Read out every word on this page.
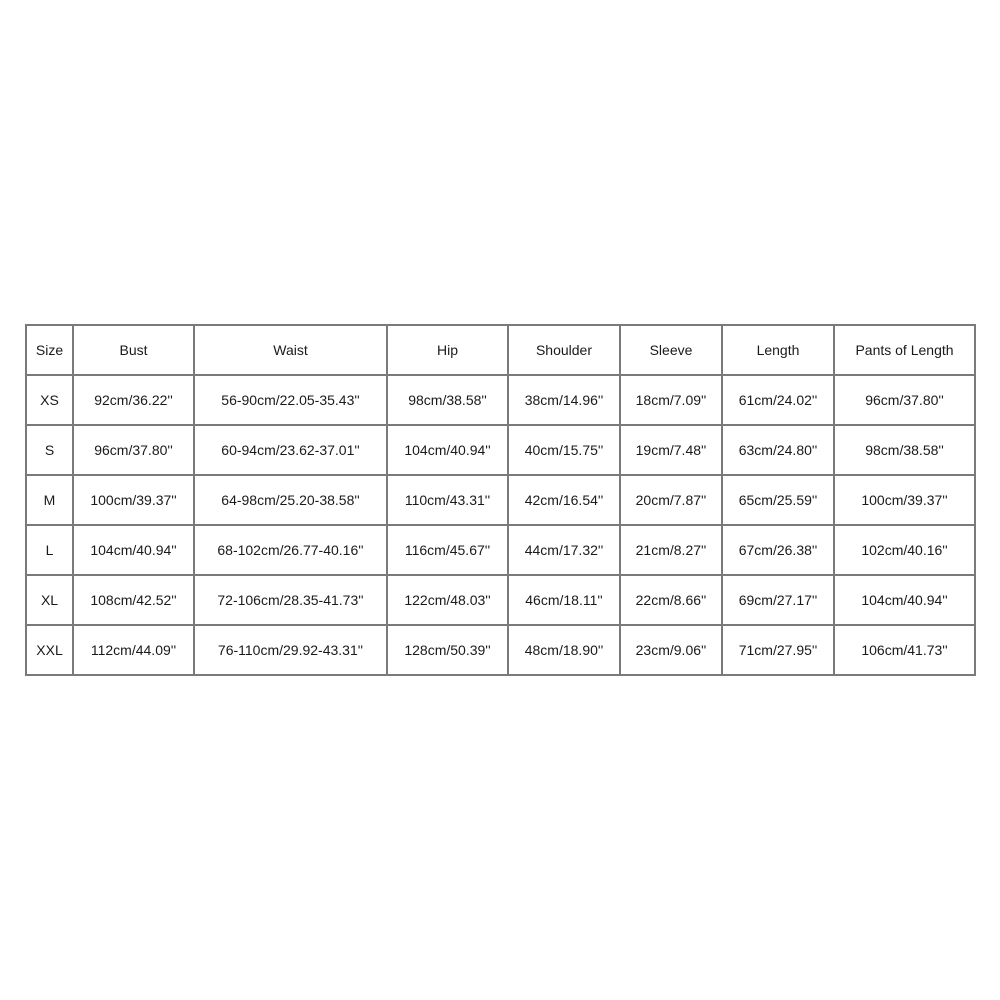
Size	Bust	Waist	Hip	Shoulder	Sleeve	Length	Pants of Length
XS	92cm/36.22''	56-90cm/22.05-35.43''	98cm/38.58''	38cm/14.96''	18cm/7.09''	61cm/24.02''	96cm/37.80''
S	96cm/37.80''	60-94cm/23.62-37.01''	104cm/40.94''	40cm/15.75''	19cm/7.48''	63cm/24.80''	98cm/38.58''
M	100cm/39.37''	64-98cm/25.20-38.58''	110cm/43.31''	42cm/16.54''	20cm/7.87''	65cm/25.59''	100cm/39.37''
L	104cm/40.94''	68-102cm/26.77-40.16''	116cm/45.67''	44cm/17.32''	21cm/8.27''	67cm/26.38''	102cm/40.16''
XL	108cm/42.52''	72-106cm/28.35-41.73''	122cm/48.03''	46cm/18.11''	22cm/8.66''	69cm/27.17''	104cm/40.94''
XXL	112cm/44.09''	76-110cm/29.92-43.31''	128cm/50.39''	48cm/18.90''	23cm/9.06''	71cm/27.95''	106cm/41.73''
